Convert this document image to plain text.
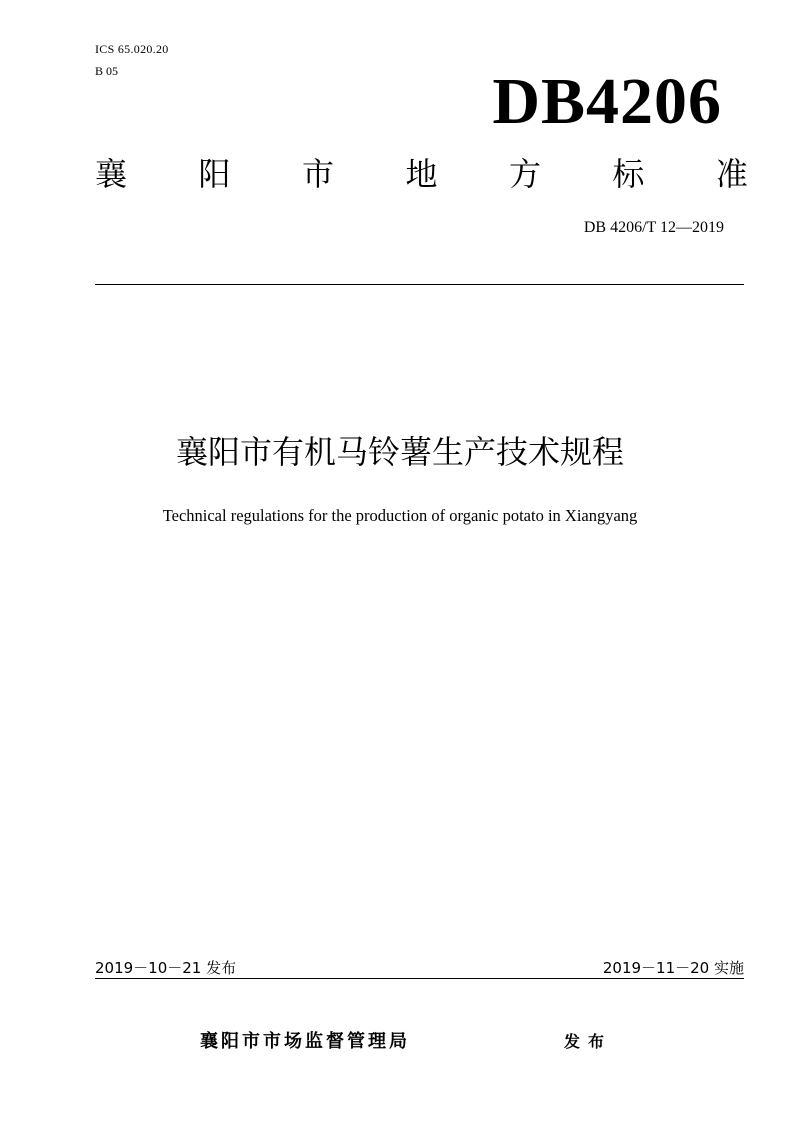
ICS 65.020.20
B 05	DB4206
襄 阳 市 地 方 标 准
DB 4206/T 12—2019
襄阳市有机马铃薯生产技术规程
Technical regulations for the production of organic potato in Xiangyang
2019－10－21 发布	2019－11－20 实施
襄阳市市场监督管理局	发布
